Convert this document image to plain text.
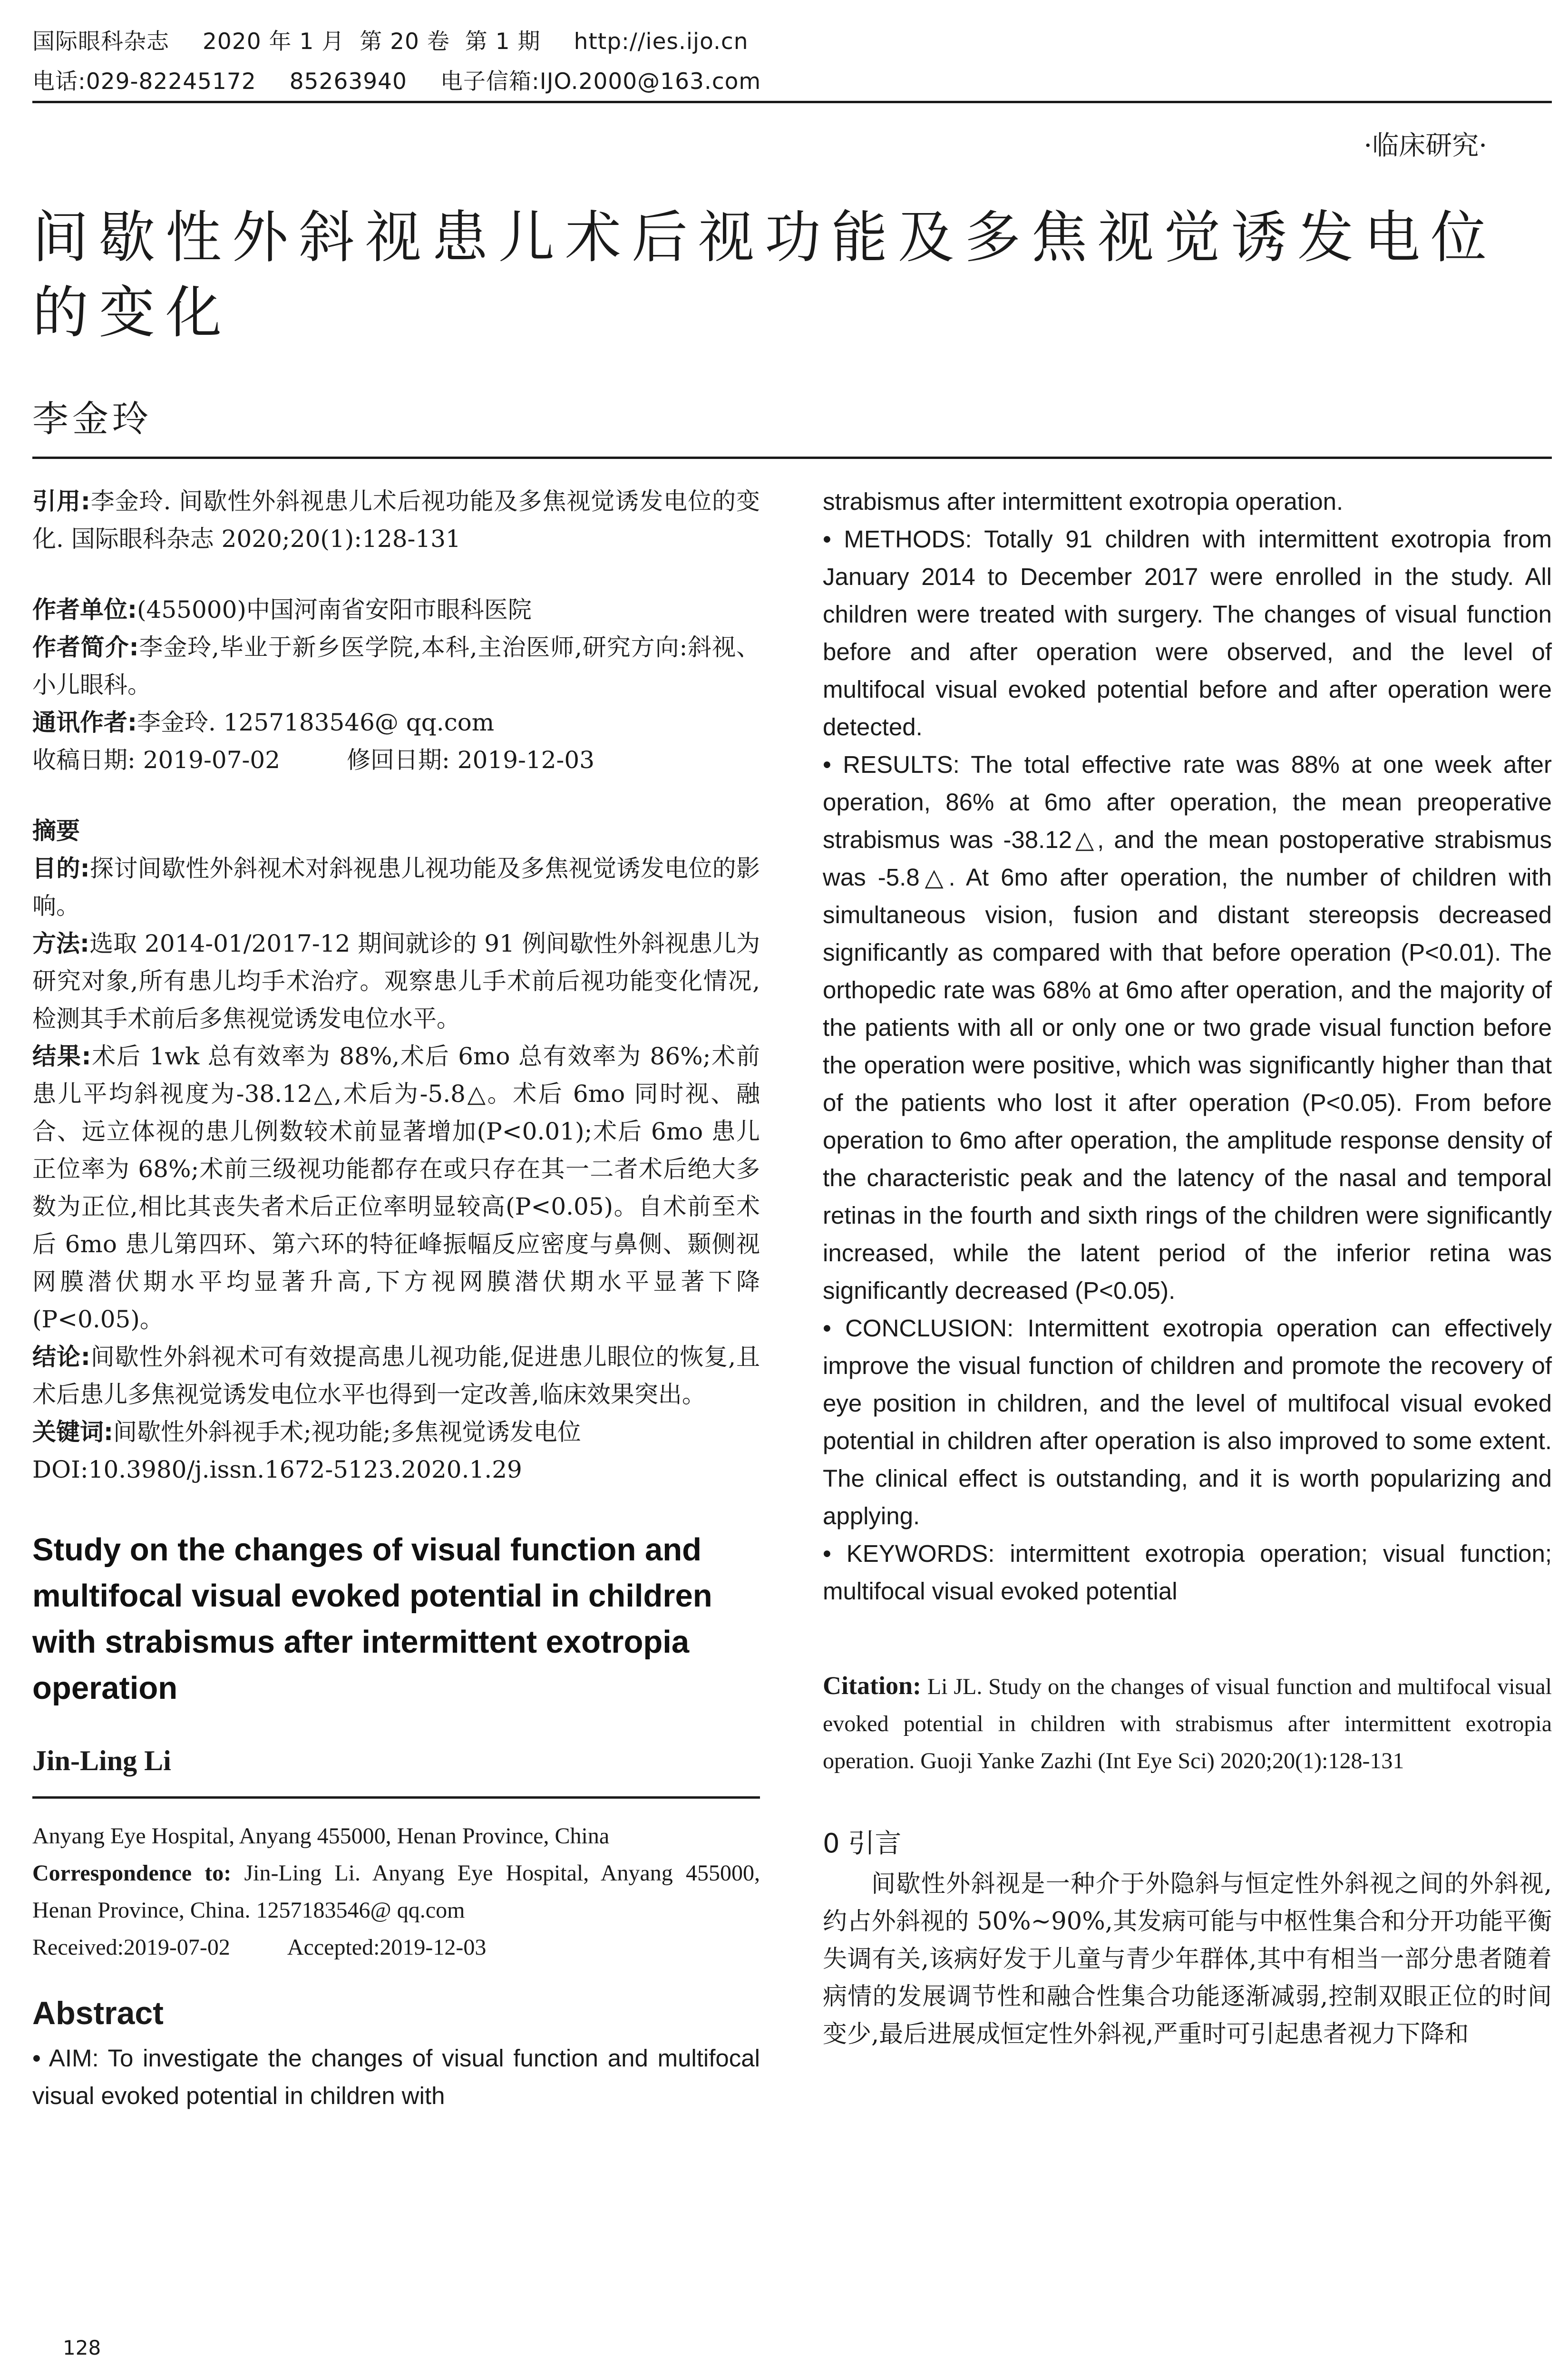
国际眼科杂志 2020 年 1 月  第 20 卷  第 1 期 http://ies.ijo.cn
电话:029-82245172 85263940 电子信箱:IJO.2000@163.com
·临床研究·
间歇性外斜视患儿术后视功能及多焦视觉诱发电位的变化
李金玲

引用:李金玲. 间歇性外斜视患儿术后视功能及多焦视觉诱发电位的变化. 国际眼科杂志 2020;20(1):128-131

作者单位:(455000)中国河南省安阳市眼科医院

作者简介:李金玲,毕业于新乡医学院,本科,主治医师,研究方向:斜视、小儿眼科。

通讯作者:李金玲. 1257183546@ qq.com

收稿日期: 2019-07-02	修回日期: 2019-12-03

摘要

目的:探讨间歇性外斜视术对斜视患儿视功能及多焦视觉诱发电位的影响。

方法:选取 2014-01/2017-12 期间就诊的 91 例间歇性外斜视患儿为研究对象,所有患儿均手术治疗。观察患儿手术前后视功能变化情况,检测其手术前后多焦视觉诱发电位水平。

结果:术后 1wk 总有效率为 88%,术后 6mo 总有效率为 86%;术前患儿平均斜视度为-38.12△,术后为-5.8△。术后 6mo 同时视、融合、远立体视的患儿例数较术前显著增加(P<0.01);术后 6mo 患儿正位率为 68%;术前三级视功能都存在或只存在其一二者术后绝大多数为正位,相比其丧失者术后正位率明显较高(P<0.05)。自术前至术后 6mo 患儿第四环、第六环的特征峰振幅反应密度与鼻侧、颞侧视网膜潜伏期水平均显著升高,下方视网膜潜伏期水平显著下降(P<0.05)。

结论:间歇性外斜视术可有效提高患儿视功能,促进患儿眼位的恢复,且术后患儿多焦视觉诱发电位水平也得到一定改善,临床效果突出。

关键词:间歇性外斜视手术;视功能;多焦视觉诱发电位

DOI:10.3980/j.issn.1672-5123.2020.1.29

Study on the changes of visual function and multifocal visual evoked potential in children with strabismus after intermittent exotropia operation
Jin-Ling Li

Anyang Eye Hospital, Anyang 455000, Henan Province, China

Correspondence to: Jin-Ling Li. Anyang Eye Hospital, Anyang 455000, Henan Province, China. 1257183546@ qq.com

Received:2019-07-02	Accepted:2019-12-03

Abstract

• AIM: To investigate the changes of visual function and multifocal visual evoked potential in children with

strabismus after intermittent exotropia operation.

• METHODS: Totally 91 children with intermittent exotropia from January 2014 to December 2017 were enrolled in the study. All children were treated with surgery. The changes of visual function before and after operation were observed, and the level of multifocal visual evoked potential before and after operation were detected.

• RESULTS: The total effective rate was 88% at one week after operation, 86% at 6mo after operation, the mean preoperative strabismus was -38.12△, and the mean postoperative strabismus was -5.8△. At 6mo after operation, the number of children with simultaneous vision, fusion and distant stereopsis decreased significantly as compared with that before operation (P<0.01). The orthopedic rate was 68% at 6mo after operation, and the majority of the patients with all or only one or two grade visual function before the operation were positive, which was significantly higher than that of the patients who lost it after operation (P<0.05). From before operation to 6mo after operation, the amplitude response density of the characteristic peak and the latency of the nasal and temporal retinas in the fourth and sixth rings of the children were significantly increased, while the latent period of the inferior retina was significantly decreased (P<0.05).

• CONCLUSION: Intermittent exotropia operation can effectively improve the visual function of children and promote the recovery of eye position in children, and the level of multifocal visual evoked potential in children after operation is also improved to some extent. The clinical effect is outstanding, and it is worth popularizing and applying.

• KEYWORDS: intermittent exotropia operation; visual function; multifocal visual evoked potential

Citation: Li JL. Study on the changes of visual function and multifocal visual evoked potential in children with strabismus after intermittent exotropia operation. Guoji Yanke Zazhi (Int Eye Sci) 2020;20(1):128-131

0 引言

间歇性外斜视是一种介于外隐斜与恒定性外斜视之间的外斜视,约占外斜视的 50%~90%,其发病可能与中枢性集合和分开功能平衡失调有关,该病好发于儿童与青少年群体,其中有相当一部分患者随着病情的发展调节性和融合性集合功能逐渐减弱,控制双眼正位的时间变少,最后进展成恒定性外斜视,严重时可引起患者视力下降和

128
